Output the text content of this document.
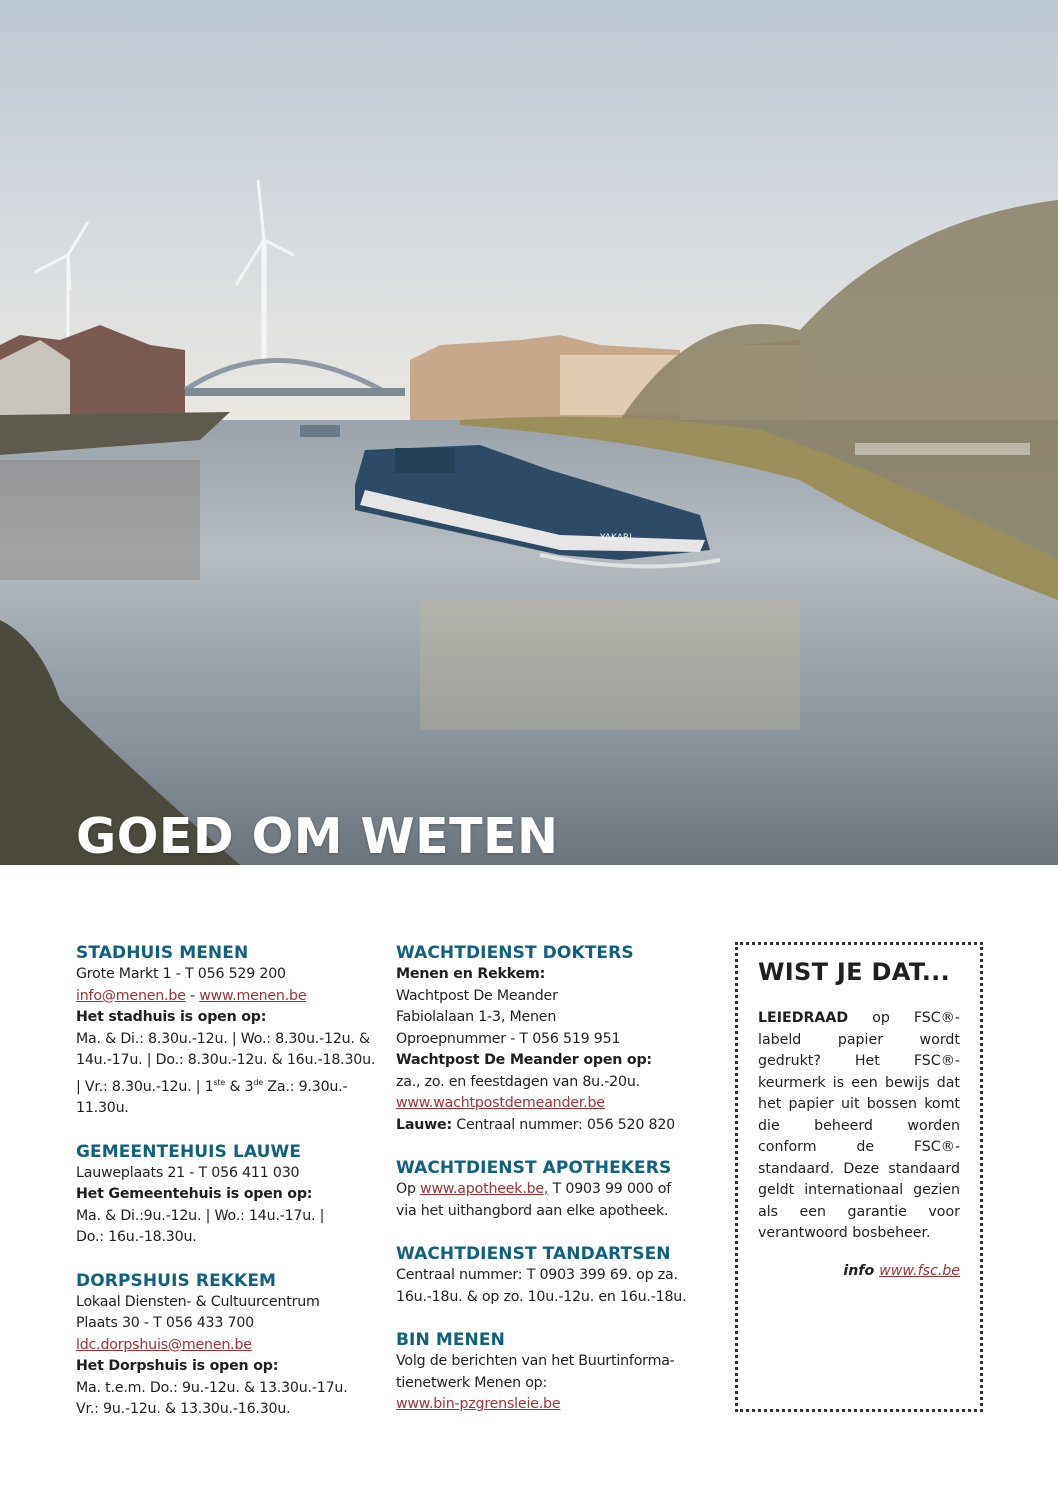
YAKARI
GOED OM WETEN
STADHUIS MENEN
Grote Markt 1 - T 056 529 200
info@menen.be - www.menen.be
Het stadhuis is open op:
Ma. & Di.: 8.30u.-12u. | Wo.: 8.30u.-12u. &
14u.-17u. | Do.: 8.30u.-12u. & 16u.-18.30u.
| Vr.: 8.30u.-12u. | 1ste & 3de Za.: 9.30u.-
11.30u.
GEMEENTEHUIS LAUWE
Lauweplaats 21 - T 056 411 030
Het Gemeentehuis is open op:
Ma. & Di.:9u.-12u. | Wo.: 14u.-17u. |
Do.: 16u.-18.30u.
DORPSHUIS REKKEM
Lokaal Diensten- & Cultuurcentrum
Plaats 30 - T 056 433 700
ldc.dorpshuis@menen.be
Het Dorpshuis is open op:
Ma. t.e.m. Do.: 9u.-12u. & 13.30u.-17u.
Vr.: 9u.-12u. & 13.30u.-16.30u.
WACHTDIENST DOKTERS
Menen en Rekkem:
Wachtpost De Meander
Fabiolalaan 1-3, Menen
Oproepnummer - T 056 519 951
Wachtpost De Meander open op:
za., zo. en feestdagen van 8u.-20u.
www.wachtpostdemeander.be
Lauwe: Centraal nummer: 056 520 820
WACHTDIENST APOTHEKERS
Op www.apotheek.be, T 0903 99 000 of
via het uithangbord aan elke apotheek.
WACHTDIENST TANDARTSEN
Centraal nummer: T 0903 399 69. op za.
16u.-18u. & op zo. 10u.-12u. en 16u.-18u.
BIN MENEN
Volg de berichten van het Buurtinforma-
tienetwerk Menen op:
www.bin-pzgrensleie.be
WIST JE DAT...

LEIEDRAAD op FSC®-labeld papier wordt gedrukt? Het FSC®-keurmerk is een bewijs dat het papier uit bossen komt die beheerd worden conform de FSC®-standaard. Deze standaard geldt internationaal gezien als een garantie voor verantwoord bosbeheer.

info www.fsc.be
